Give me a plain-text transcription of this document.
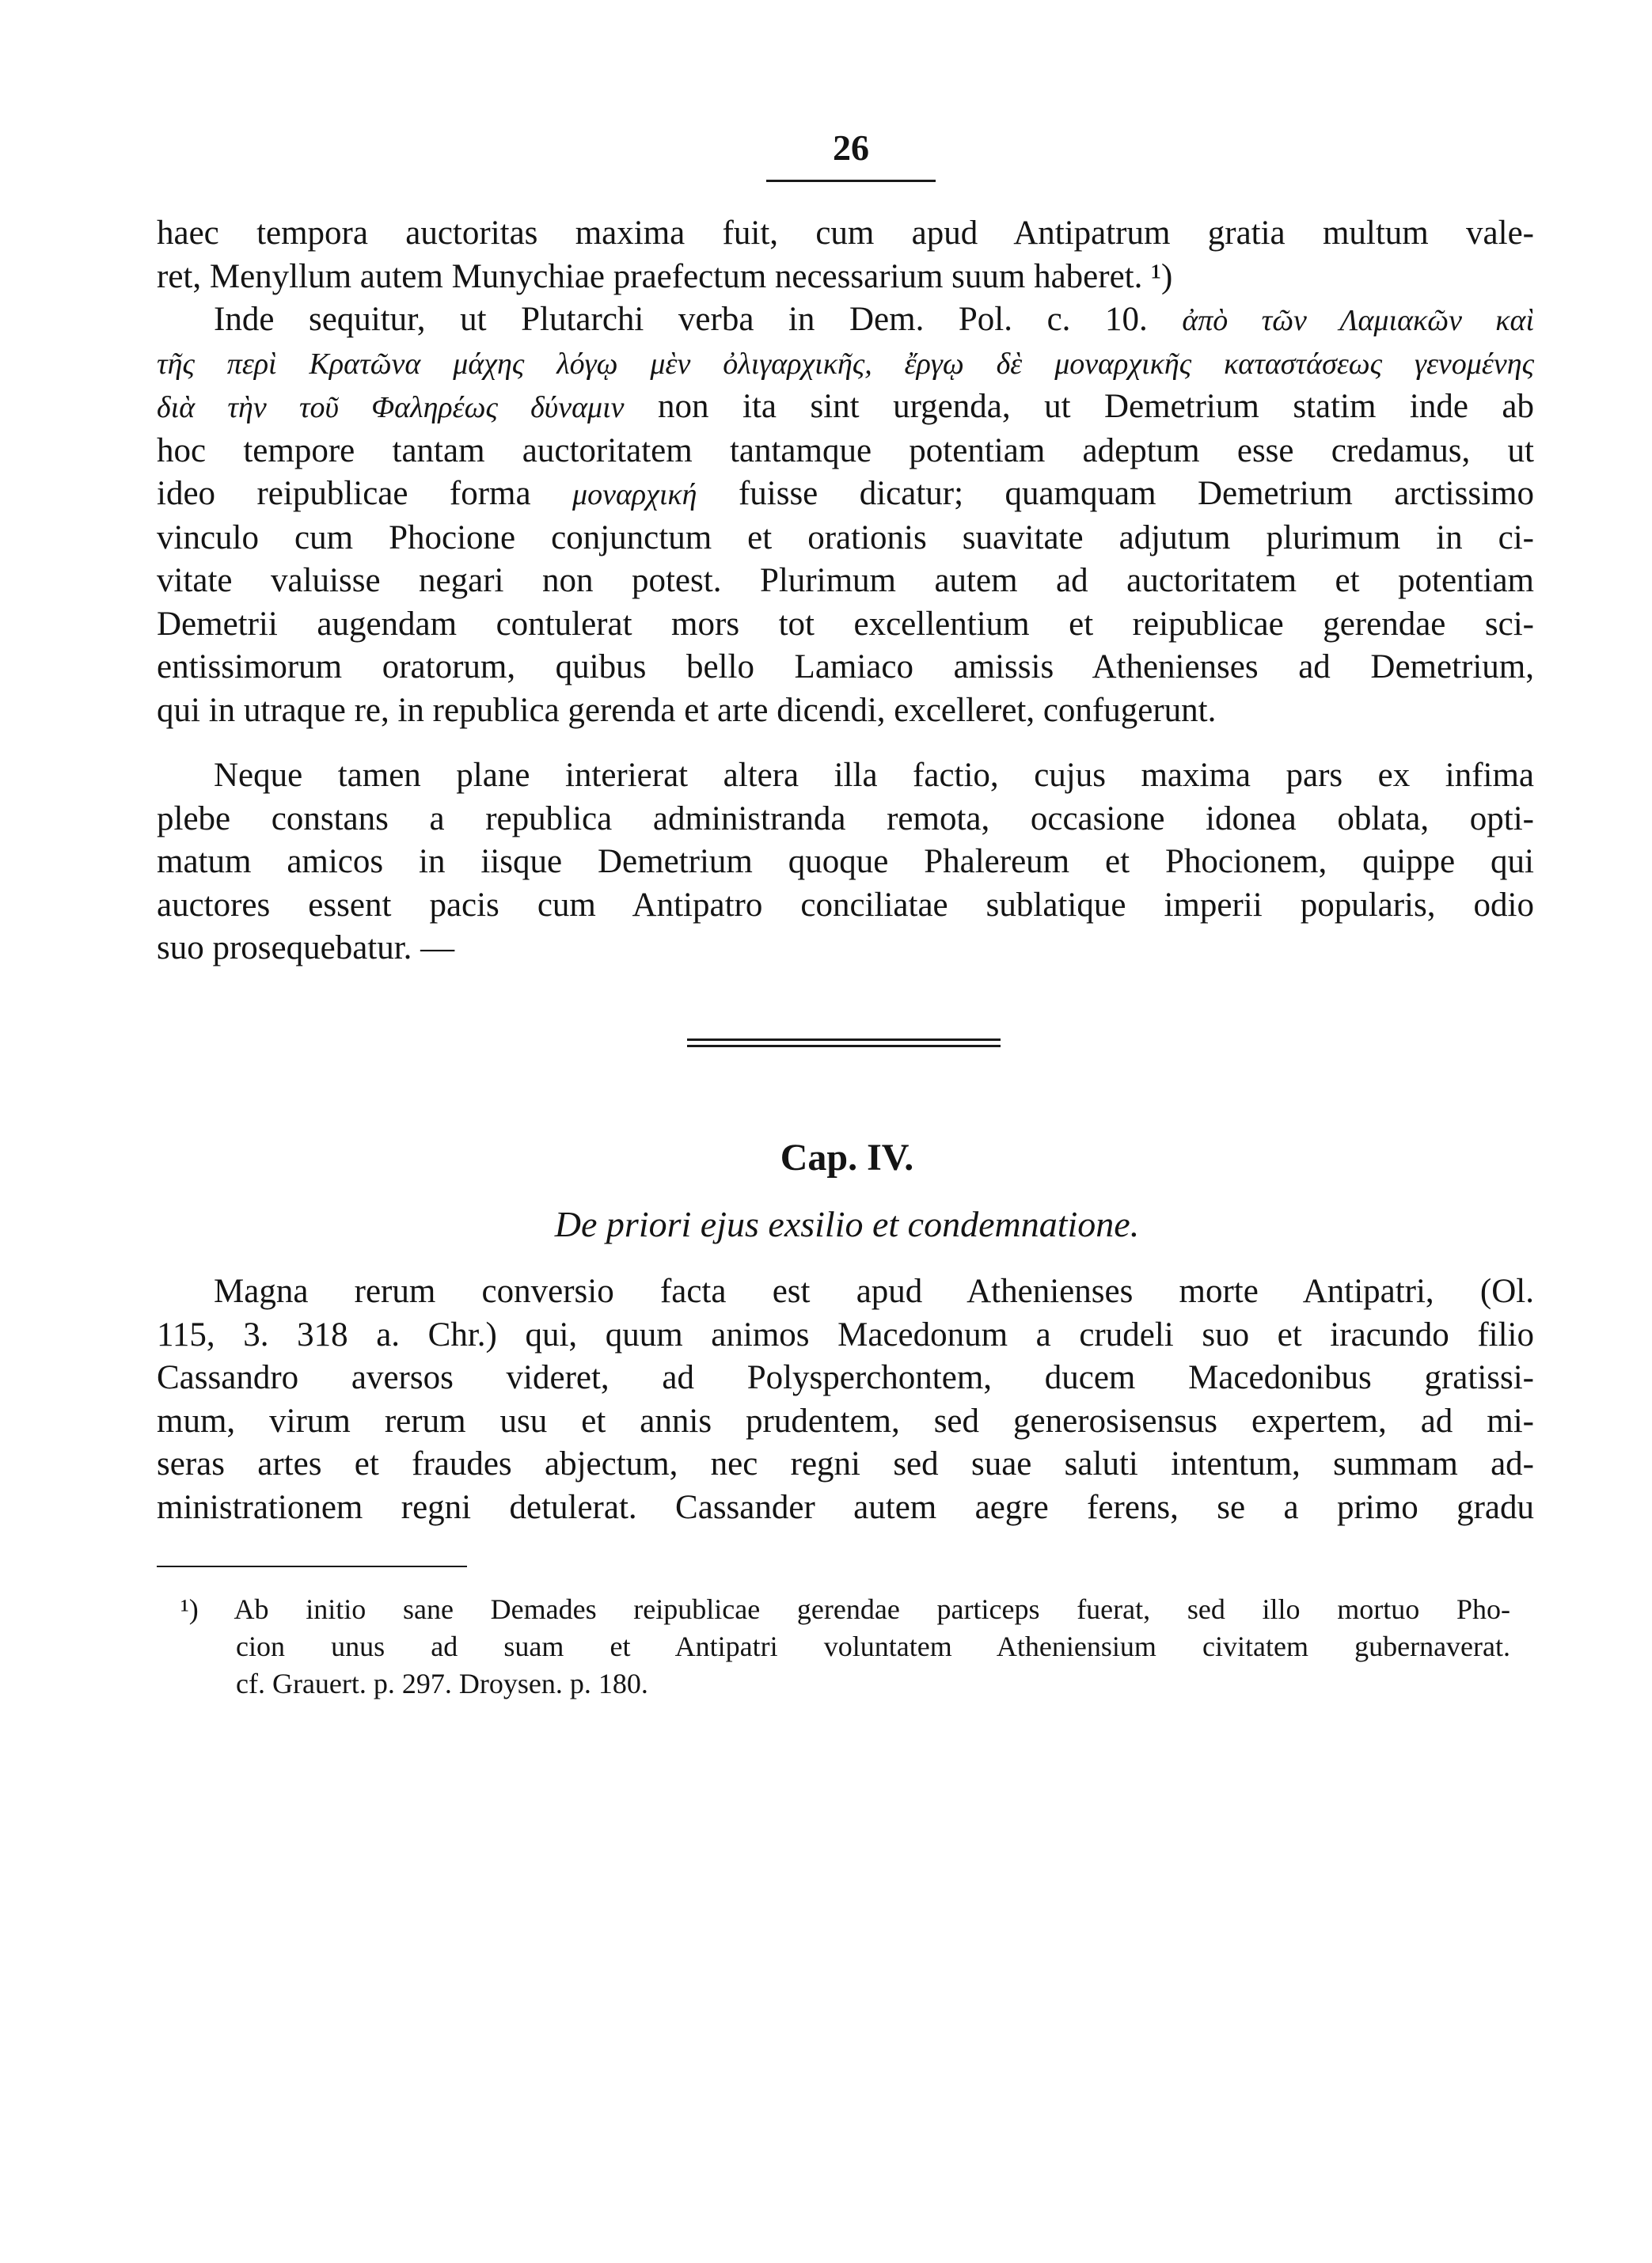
26
haec tempora auctoritas maxima fuit, cum apud Antipatrum gratia multum vale-
ret, Menyllum autem Munychiae praefectum necessarium suum haberet. ¹)
Inde sequitur, ut Plutarchi verba in Dem. Pol. c. 10. ἀπὸ τῶν Λαμιακῶν καὶ
τῆς περὶ Κρατῶνα μάχης λόγῳ μὲν ὀλιγαρχικῆς, ἔργῳ δὲ μοναρχικῆς καταστάσεως γενομένης
διὰ τὴν τοῦ Φαληρέως δύναμιν non ita sint urgenda, ut Demetrium statim inde ab
hoc tempore tantam auctoritatem tantamque potentiam adeptum esse credamus, ut
ideo reipublicae forma μοναρχική fuisse dicatur; quamquam Demetrium arctissimo
vinculo cum Phocione conjunctum et orationis suavitate adjutum plurimum in ci-
vitate valuisse negari non potest. Plurimum autem ad auctoritatem et potentiam
Demetrii augendam contulerat mors tot excellentium et reipublicae gerendae sci-
entissimorum oratorum, quibus bello Lamiaco amissis Athenienses ad Demetrium,
qui in utraque re, in republica gerenda et arte dicendi, excelleret, confugerunt.
Neque tamen plane interierat altera illa factio, cujus maxima pars ex infima
plebe constans a republica administranda remota, occasione idonea oblata, opti-
matum amicos in iisque Demetrium quoque Phalereum et Phocionem, quippe qui
auctores essent pacis cum Antipatro conciliatae sublatique imperii popularis, odio
suo prosequebatur. —
Cap. IV.
De priori ejus exsilio et condemnatione.
Magna rerum conversio facta est apud Athenienses morte Antipatri, (Ol.
115, 3. 318 a. Chr.) qui, quum animos Macedonum a crudeli suo et iracundo filio
Cassandro aversos videret, ad Polysperchontem, ducem Macedonibus gratissi-
mum, virum rerum usu et annis prudentem, sed generosisensus expertem, ad mi-
seras artes et fraudes abjectum, nec regni sed suae saluti intentum, summam ad-
ministrationem regni detulerat. Cassander autem aegre ferens, se a primo gradu
¹) Ab initio sane Demades reipublicae gerendae particeps fuerat, sed illo mortuo Pho-
cion unus ad suam et Antipatri voluntatem Atheniensium civitatem gubernaverat.
cf. Grauert. p. 297. Droysen. p. 180.
